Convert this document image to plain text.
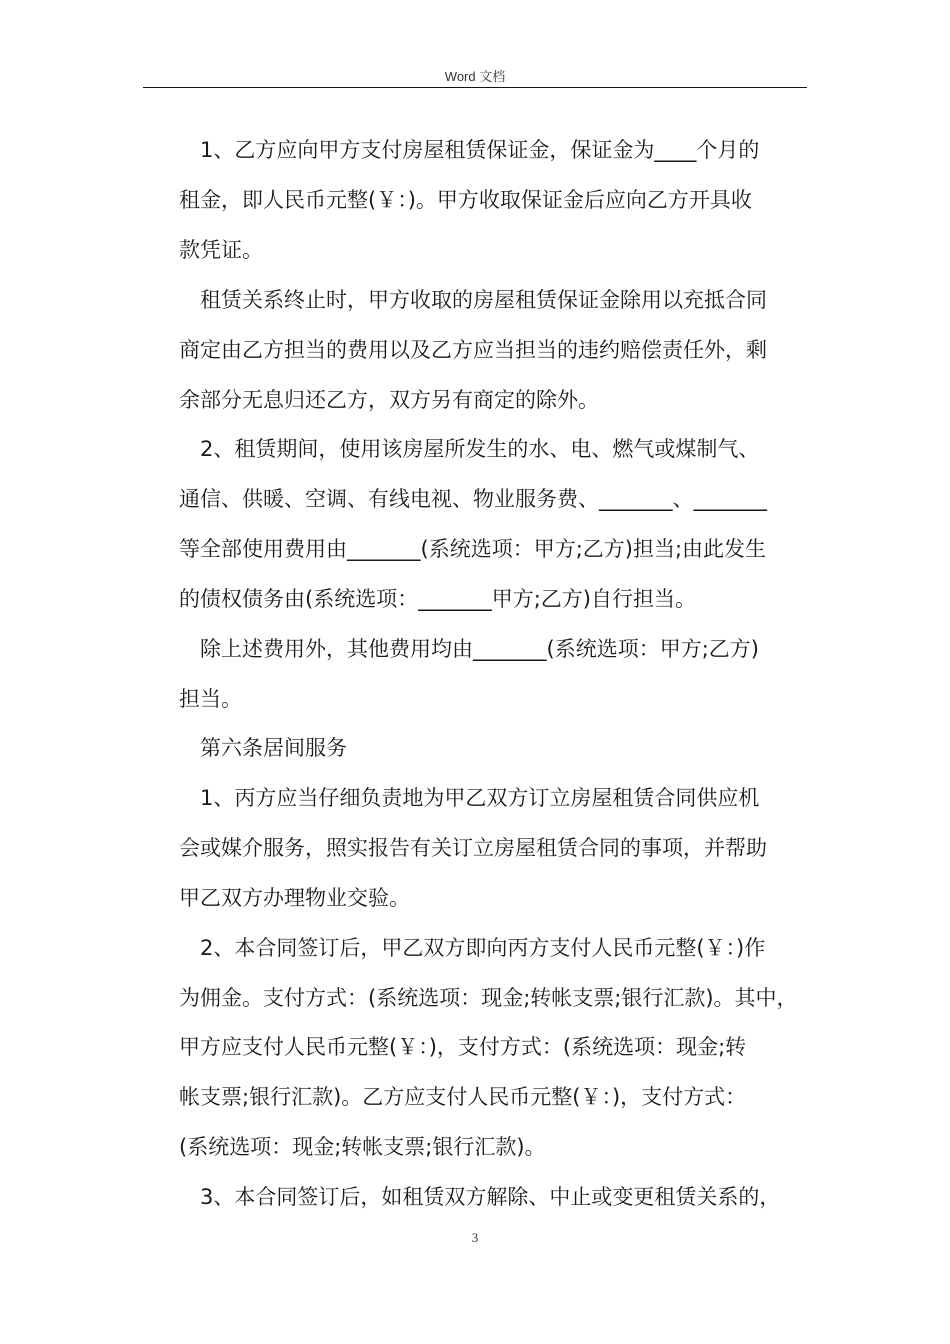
Word 文档
1、乙方应向甲方支付房屋租赁保证金，保证金为____个月的
租金，即人民币元整(￥：)。甲方收取保证金后应向乙方开具收
款凭证。
租赁关系终止时，甲方收取的房屋租赁保证金除用以充抵合同
商定由乙方担当的费用以及乙方应当担当的违约赔偿责任外，剩
余部分无息归还乙方，双方另有商定的除外。
2、租赁期间，使用该房屋所发生的水、电、燃气或煤制气、
通信、供暖、空调、有线电视、物业服务费、_______、_______
等全部使用费用由_______(系统选项：甲方;乙方)担当;由此发生
的债权债务由(系统选项：_______甲方;乙方)自行担当。
除上述费用外，其他费用均由_______(系统选项：甲方;乙方)
担当。
第六条居间服务
1、丙方应当仔细负责地为甲乙双方订立房屋租赁合同供应机
会或媒介服务，照实报告有关订立房屋租赁合同的事项，并帮助
甲乙双方办理物业交验。
2、本合同签订后，甲乙双方即向丙方支付人民币元整(￥：)作
为佣金。支付方式：(系统选项：现金;转帐支票;银行汇款)。其中，
甲方应支付人民币元整(￥：)，支付方式：(系统选项：现金;转
帐支票;银行汇款)。乙方应支付人民币元整(￥：)，支付方式：
(系统选项：现金;转帐支票;银行汇款)。
3、本合同签订后，如租赁双方解除、中止或变更租赁关系的，
3
